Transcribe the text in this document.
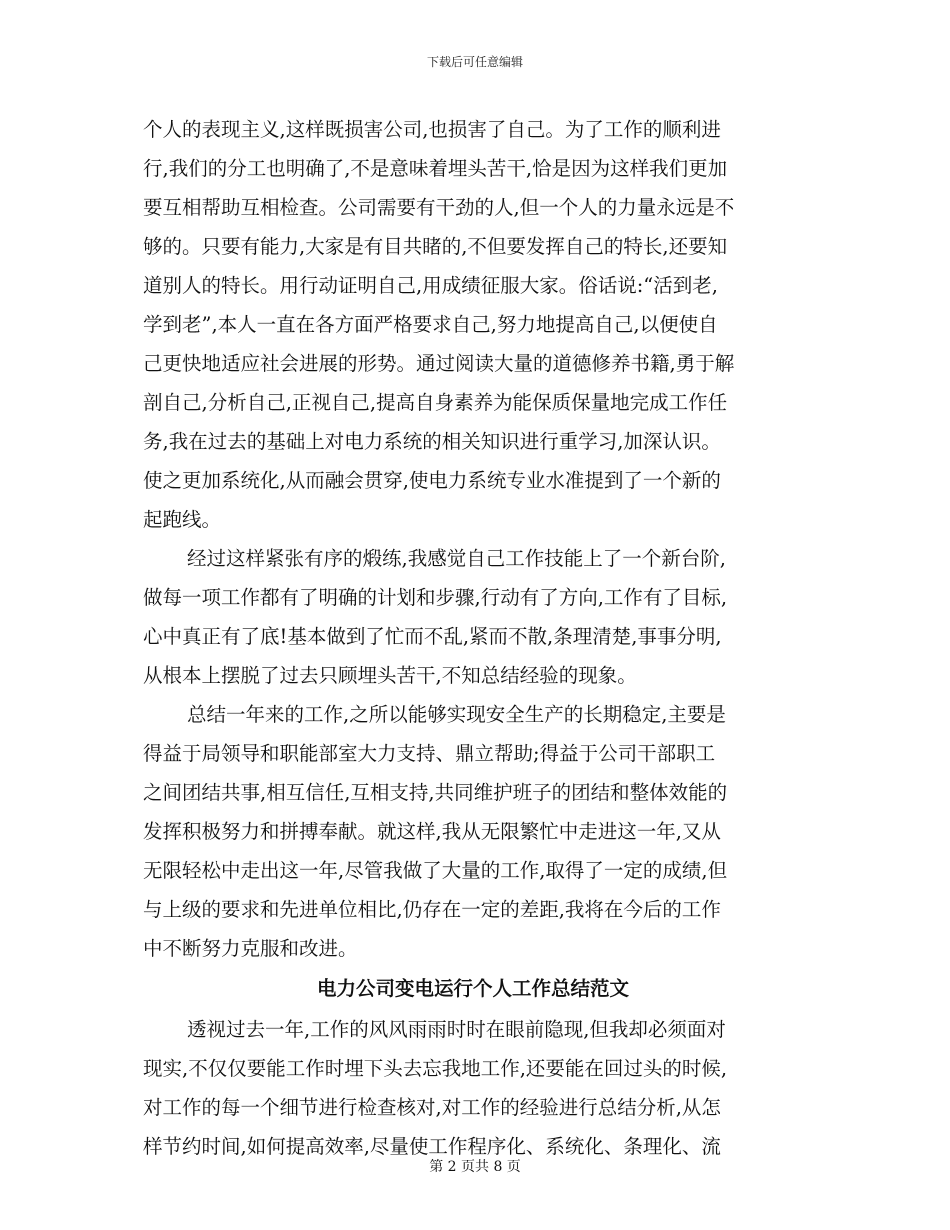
下载后可任意编辑
个人的表现主义,这样既损害公司,也损害了自己。为了工作的顺利进
行,我们的分工也明确了,不是意味着埋头苦干,恰是因为这样我们更加
要互相帮助互相检查。公司需要有干劲的人,但一个人的力量永远是不
够的。只要有能力,大家是有目共睹的,不但要发挥自己的特长,还要知
道别人的特长。用行动证明自己,用成绩征服大家。俗话说:“活到老,
学到老”,本人一直在各方面严格要求自己,努力地提高自己,以便使自
己更快地适应社会进展的形势。通过阅读大量的道德修养书籍,勇于解
剖自己,分析自己,正视自己,提高自身素养为能保质保量地完成工作任
务,我在过去的基础上对电力系统的相关知识进行重学习,加深认识。
使之更加系统化,从而融会贯穿,使电力系统专业水准提到了一个新的
起跑线。
经过这样紧张有序的煅练,我感觉自己工作技能上了一个新台阶,
做每一项工作都有了明确的计划和步骤,行动有了方向,工作有了目标,
心中真正有了底!基本做到了忙而不乱,紧而不散,条理清楚,事事分明,
从根本上摆脱了过去只顾埋头苦干,不知总结经验的现象。
总结一年来的工作,之所以能够实现安全生产的长期稳定,主要是
得益于局领导和职能部室大力支持、鼎立帮助;得益于公司干部职工
之间团结共事,相互信任,互相支持,共同维护班子的团结和整体效能的
发挥积极努力和拼搏奉献。就这样,我从无限繁忙中走进这一年,又从
无限轻松中走出这一年,尽管我做了大量的工作,取得了一定的成绩,但
与上级的要求和先进单位相比,仍存在一定的差距,我将在今后的工作
中不断努力克服和改进。
电力公司变电运行个人工作总结范文
透视过去一年,工作的风风雨雨时时在眼前隐现,但我却必须面对
现实,不仅仅要能工作时埋下头去忘我地工作,还要能在回过头的时候,
对工作的每一个细节进行检查核对,对工作的经验进行总结分析,从怎
样节约时间,如何提高效率,尽量使工作程序化、系统化、条理化、流
第 2 页共 8 页
